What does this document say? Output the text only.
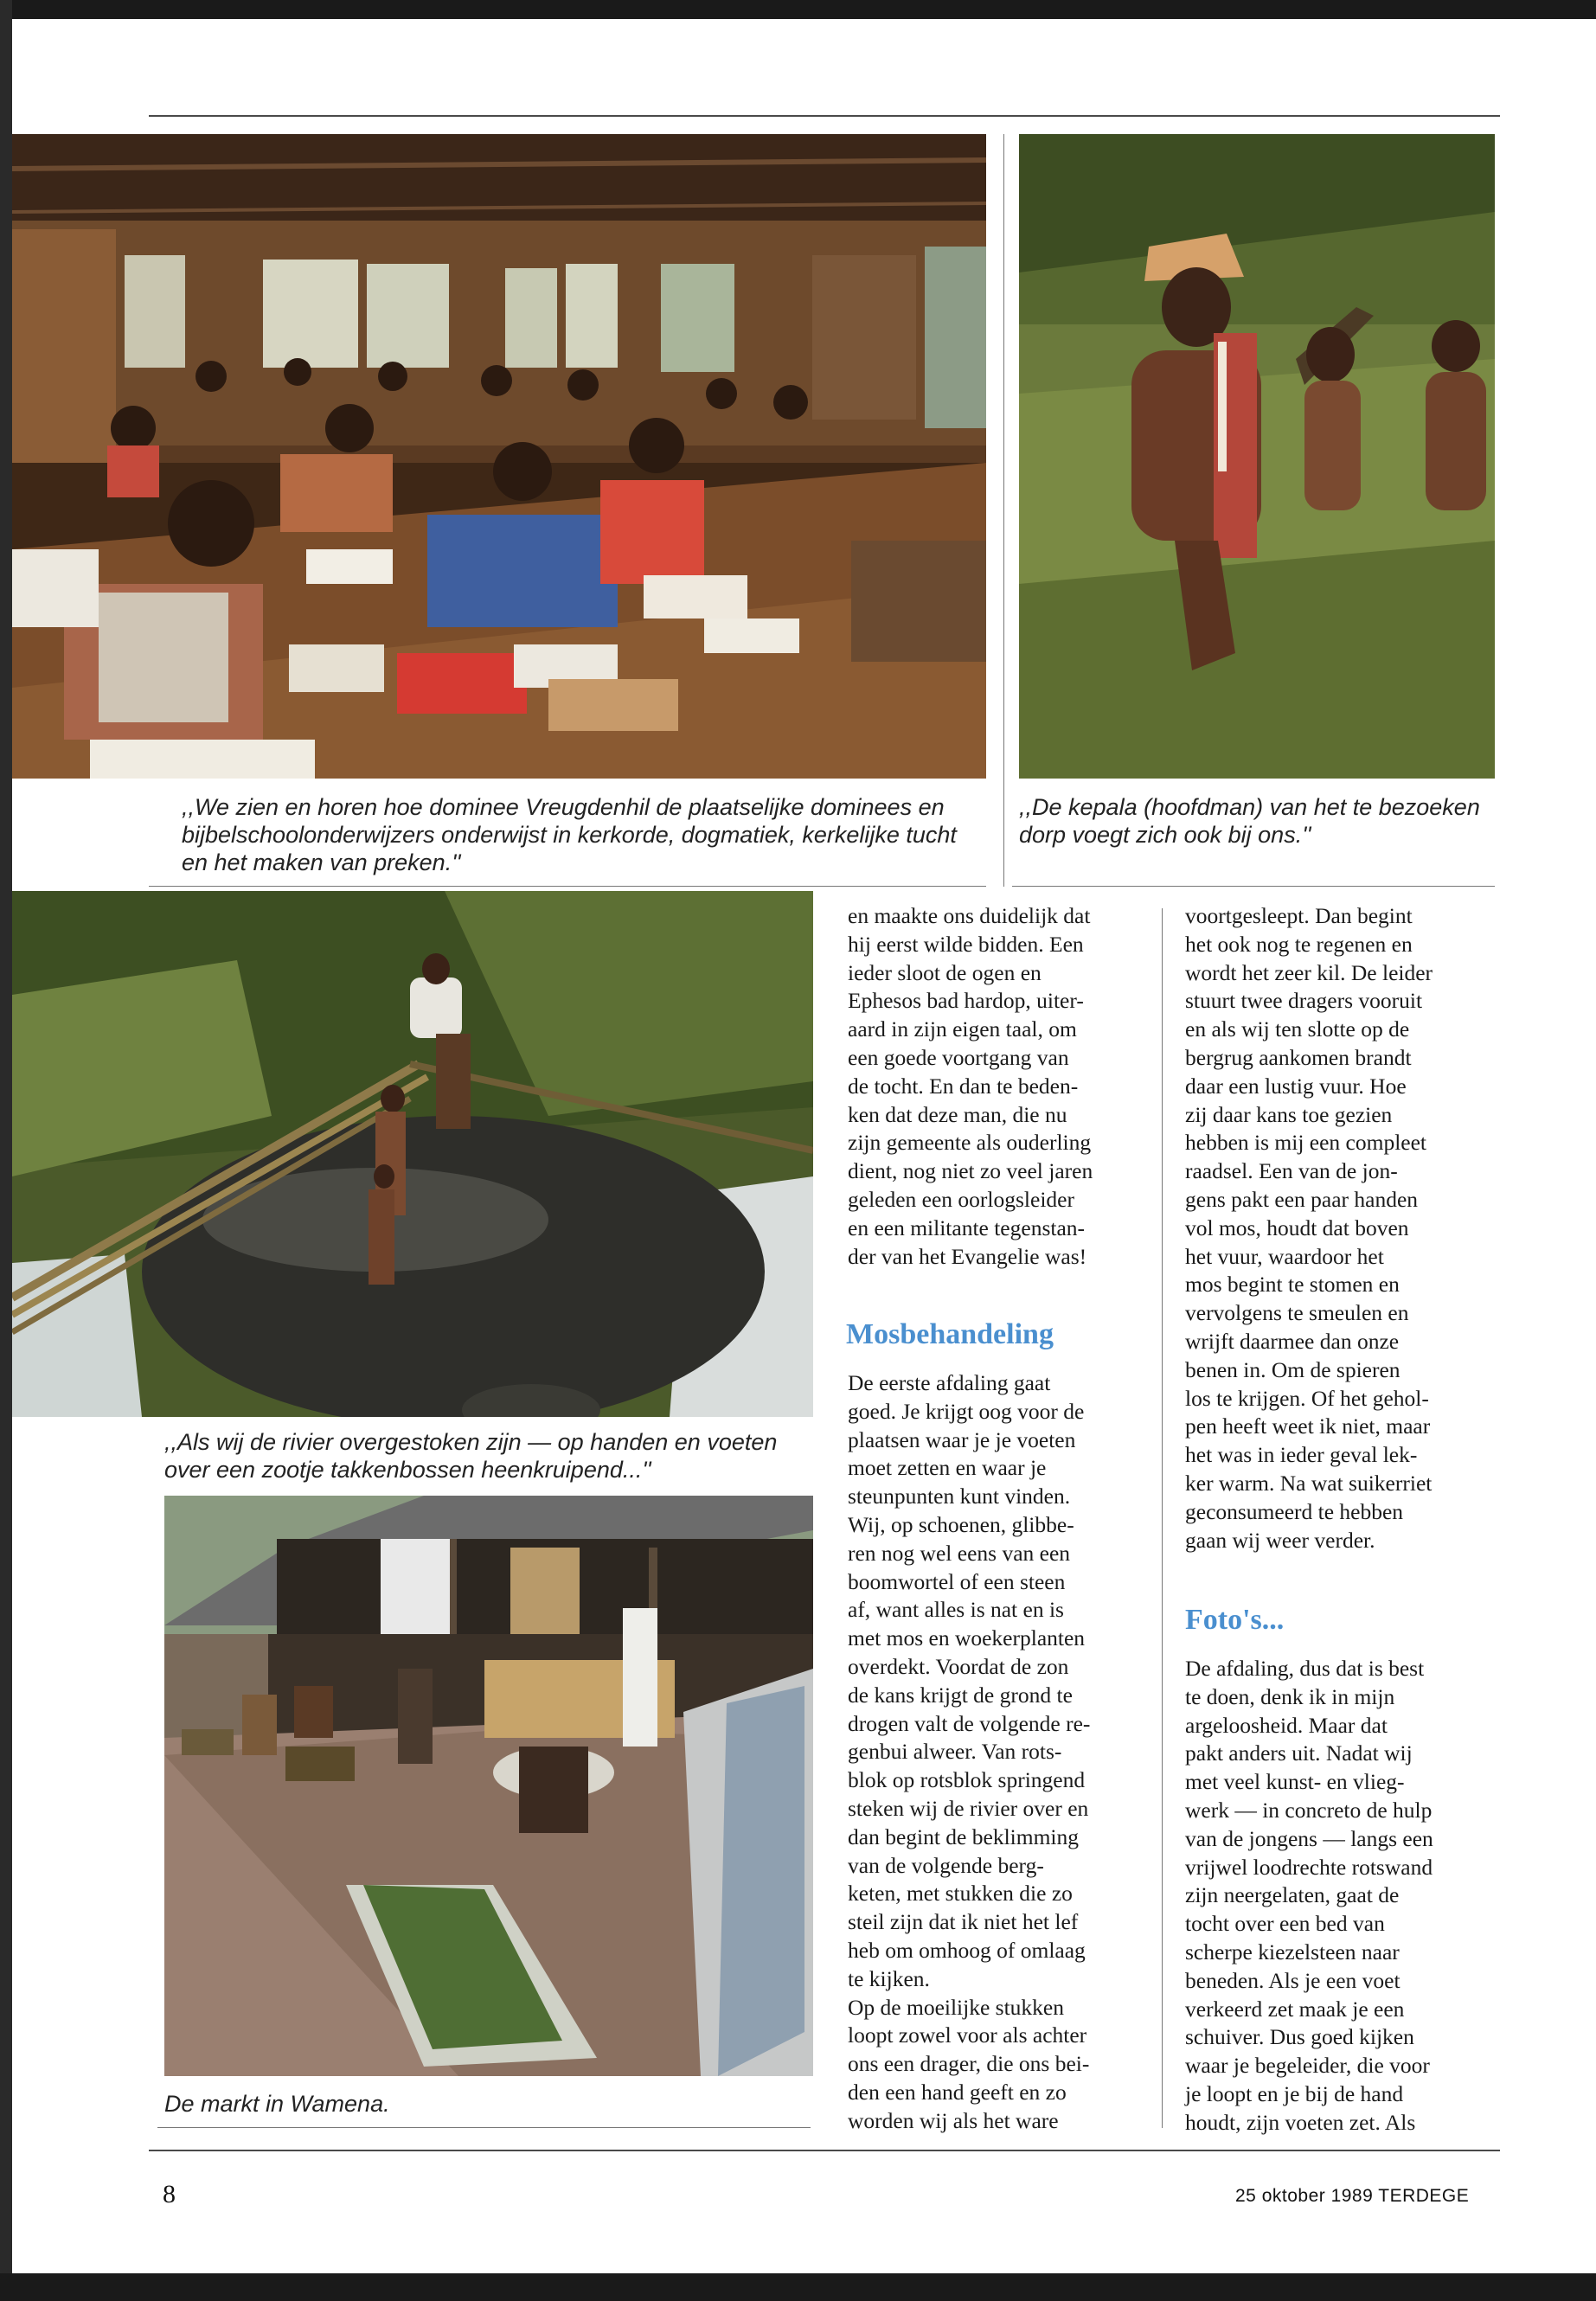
,,We zien en horen hoe dominee Vreugdenhil de plaatselijke dominees en bijbelschoolonderwijzers onderwijst in kerkorde, dogmatiek, kerkelijke tucht en het maken van preken.''
,,De kepala (hoofdman) van het te bezoeken dorp voegt zich ook bij ons.''
,,Als wij de rivier overgestoken zijn — op handen en voeten over een zootje takkenbossen heenkruipend...''
De markt in Wamena.
en maakte ons duidelijk dat
hij eerst wilde bidden. Een
ieder sloot de ogen en
Ephesos bad hardop, uiter-
aard in zijn eigen taal, om
een goede voortgang van
de tocht. En dan te beden-
ken dat deze man, die nu
zijn gemeente als ouderling
dient, nog niet zo veel jaren
geleden een oorlogsleider
en een militante tegenstan-
der van het Evangelie was!
Mosbehandeling
De eerste afdaling gaat
goed. Je krijgt oog voor de
plaatsen waar je je voeten
moet zetten en waar je
steunpunten kunt vinden.
Wij, op schoenen, glibbe-
ren nog wel eens van een
boomwortel of een steen
af, want alles is nat en is
met mos en woekerplanten
overdekt. Voordat de zon
de kans krijgt de grond te
drogen valt de volgende re-
genbui alweer. Van rots-
blok op rotsblok springend
steken wij de rivier over en
dan begint de beklimming
van de volgende berg-
keten, met stukken die zo
steil zijn dat ik niet het lef
heb om omhoog of omlaag
te kijken.
Op de moeilijke stukken
loopt zowel voor als achter
ons een drager, die ons bei-
den een hand geeft en zo
worden wij als het ware
voortgesleept. Dan begint
het ook nog te regenen en
wordt het zeer kil. De leider
stuurt twee dragers vooruit
en als wij ten slotte op de
bergrug aankomen brandt
daar een lustig vuur. Hoe
zij daar kans toe gezien
hebben is mij een compleet
raadsel. Een van de jon-
gens pakt een paar handen
vol mos, houdt dat boven
het vuur, waardoor het
mos begint te stomen en
vervolgens te smeulen en
wrijft daarmee dan onze
benen in. Om de spieren
los te krijgen. Of het gehol-
pen heeft weet ik niet, maar
het was in ieder geval lek-
ker warm. Na wat suikerriet
geconsumeerd te hebben
gaan wij weer verder.
Foto's...
De afdaling, dus dat is best
te doen, denk ik in mijn
argeloosheid. Maar dat
pakt anders uit. Nadat wij
met veel kunst- en vlieg-
werk — in concreto de hulp
van de jongens — langs een
vrijwel loodrechte rotswand
zijn neergelaten, gaat de
tocht over een bed van
scherpe kiezelsteen naar
beneden. Als je een voet
verkeerd zet maak je een
schuiver. Dus goed kijken
waar je begeleider, die voor
je loopt en je bij de hand
houdt, zijn voeten zet. Als
8	25 oktober 1989 TERDEGE
